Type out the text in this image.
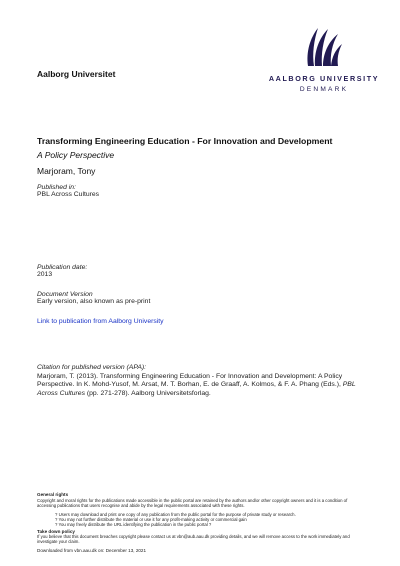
Aalborg Universitet	AALBORG UNIVERSITY
DENMARK
Transforming Engineering Education - For Innovation and Development
A Policy Perspective
Marjoram, Tony
Published in:
PBL Across Cultures
Publication date:
2013
Document Version
Early version, also known as pre-print
Link to publication from Aalborg University
Citation for published version (APA):
Marjoram, T. (2013). Transforming Engineering Education - For Innovation and Development: A Policy Perspective. In K. Mohd-Yusof, M. Arsat, M. T. Borhan, E. de Graaff, A. Kolmos, & F. A. Phang (Eds.), PBL Across Cultures (pp. 271-278). Aalborg Universitetsforlag.
General rights
Copyright and moral rights for the publications made accessible in the public portal are retained by the authors and/or other copyright owners and it is a condition of accessing publications that users recognise and abide by the legal requirements associated with these rights.
? Users may download and print one copy of any publication from the public portal for the purpose of private study or research.
? You may not further distribute the material or use it for any profit-making activity or commercial gain
? You may freely distribute the URL identifying the publication in the public portal ?
Take down policy
If you believe that this document breaches copyright please contact us at vbn@aub.aau.dk providing details, and we will remove access to the work immediately and investigate your claim.
Downloaded from vbn.aau.dk on: December 13, 2021
